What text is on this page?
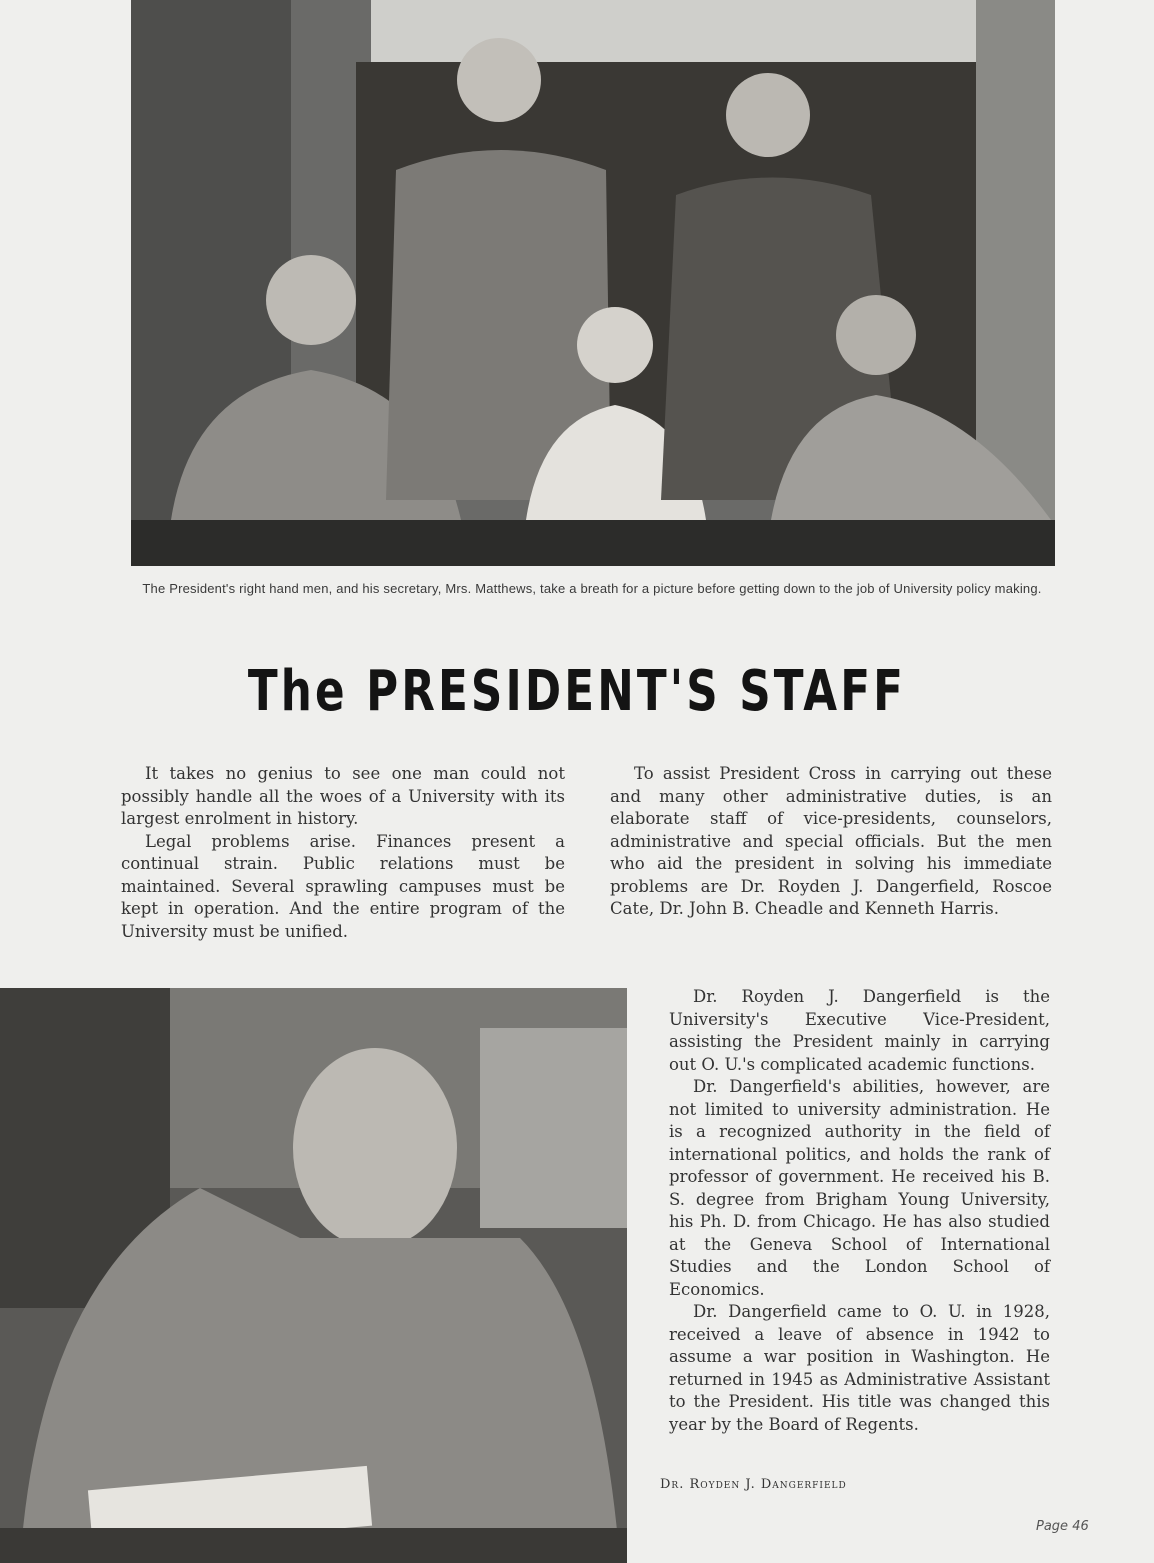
The President's right hand men, and his secretary, Mrs. Matthews, take a breath for a picture before getting down to the job of University policy making.
The PRESIDENT'S STAFF

It takes no genius to see one man could not possibly handle all the woes of a University with its largest enrolment in history.

Legal problems arise. Finances present a continual strain. Public relations must be maintained. Several sprawling campuses must be kept in operation. And the entire program of the University must be unified.

To assist President Cross in carrying out these and many other administrative duties, is an elaborate staff of vice-presidents, counselors, administrative and special officials. But the men who aid the president in solving his immediate problems are Dr. Royden J. Dangerfield, Roscoe Cate, Dr. John B. Cheadle and Kenneth Harris.

Dr. Royden J. Dangerfield is the University's Executive Vice-President, assisting the President mainly in carrying out O. U.'s complicated academic functions.

Dr. Dangerfield's abilities, however, are not limited to university administration. He is a recognized authority in the field of international politics, and holds the rank of professor of government. He received his B. S. degree from Brigham Young University, his Ph. D. from Chicago. He has also studied at the Geneva School of International Studies and the London School of Economics.

Dr. Dangerfield came to O. U. in 1928, received a leave of absence in 1942 to assume a war position in Washington. He returned in 1945 as Administrative Assistant to the President. His title was changed this year by the Board of Regents.

Dr. Royden J. Dangerfield
Page 46
